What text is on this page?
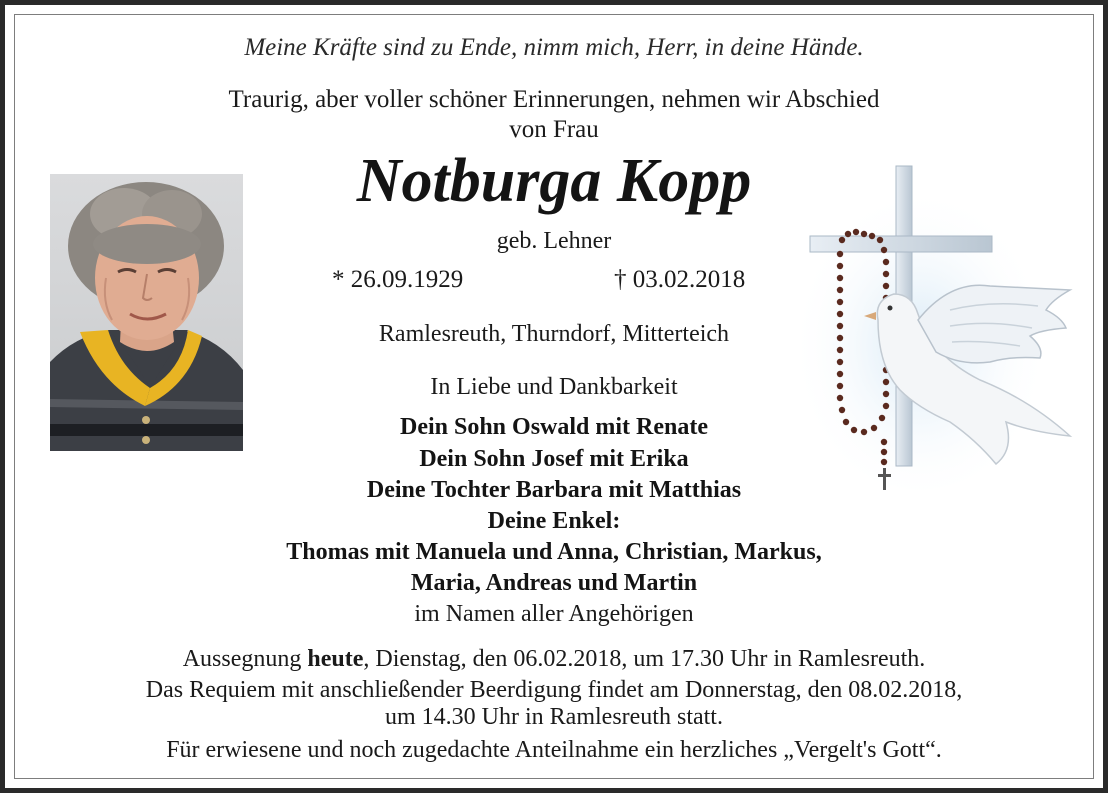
Meine Kräfte sind zu Ende, nimm mich, Herr, in deine Hände.
Traurig, aber voller schöner Erinnerungen, nehmen wir Abschied
von Frau
Notburga Kopp
geb. Lehner
* 26.09.1929	† 03.02.2018
Ramlesreuth, Thurndorf, Mitterteich
In Liebe und Dankbarkeit
Dein Sohn Oswald mit Renate
Dein Sohn Josef mit Erika
Deine Tochter Barbara mit Matthias
Deine Enkel:
Thomas mit Manuela und Anna, Christian, Markus,
Maria, Andreas und Martin
im Namen aller Angehörigen
Aussegnung heute, Dienstag, den 06.02.2018, um 17.30 Uhr in Ramlesreuth.
Das Requiem mit anschließender Beerdigung findet am Donnerstag, den 08.02.2018,
um 14.30 Uhr in Ramlesreuth statt.
Für erwiesene und noch zugedachte Anteilnahme ein herzliches „Vergelt's Gott“.
